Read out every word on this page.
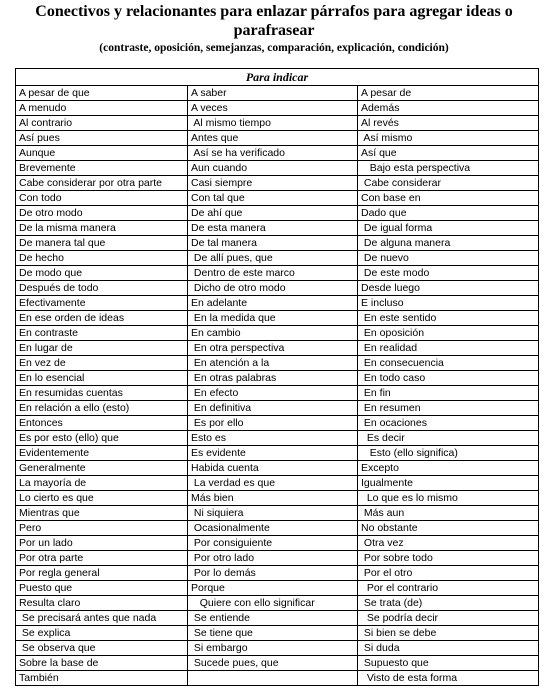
Conectivos y relacionantes para enlazar párrafos para agregar ideas o parafrasear
(contraste, oposición, semejanzas, comparación, explicación, condición)
Para indicar		
A pesar de que	A saber	A pesar de
A menudo	A veces	Además
Al contrario	Al mismo tiempo	Al revés
Así pues	Antes que	Así mismo
Aunque	Así se ha verificado	Así que
Brevemente	Aun cuando	Bajo esta perspectiva
Cabe considerar por otra parte	Casi siempre	Cabe considerar
Con todo	Con tal que	Con base en
De otro modo	De ahí que	Dado que
De la misma manera	De esta manera	De igual forma
De manera tal que	De tal manera	De alguna manera
De hecho	De allí pues, que	De nuevo
De modo que	Dentro de este marco	De este modo
Después de todo	Dicho de otro modo	Desde luego
Efectivamente	En adelante	E incluso
En ese orden de ideas	En la medida que	En este sentido
En contraste	En cambio	En oposición
En lugar de	En otra perspectiva	En realidad
En vez de	En atención a la	En consecuencia
En lo esencial	En otras palabras	En todo caso
En resumidas cuentas	En efecto	En fin
En relación a ello (esto)	En definitiva	En resumen
Entonces	Es por ello	En ocaciones
Es por esto (ello) que	Esto es	Es decir
Evidentemente	Es evidente	Esto (ello significa)
Generalmente	Habida cuenta	Excepto
La mayoría de	La verdad es que	Igualmente
Lo cierto es que	Más bien	Lo que es lo mismo
Mientras que	Ni siquiera	Más aun
Pero	Ocasionalmente	No obstante
Por un lado	Por consiguiente	Otra vez
Por otra parte	Por otro lado	Por sobre todo
Por regla general	Por lo demás	Por el otro
Puesto que	Porque	Por el contrario
Resulta claro	Quiere con ello significar	Se trata (de)
Se precisará antes que nada	Se entiende	Se podría decir
Se explica	Se tiene que	Si bien se debe
Se observa que	Si embargo	Si duda
Sobre la base de	Sucede pues, que	Supuesto que
También		Visto de esta forma
